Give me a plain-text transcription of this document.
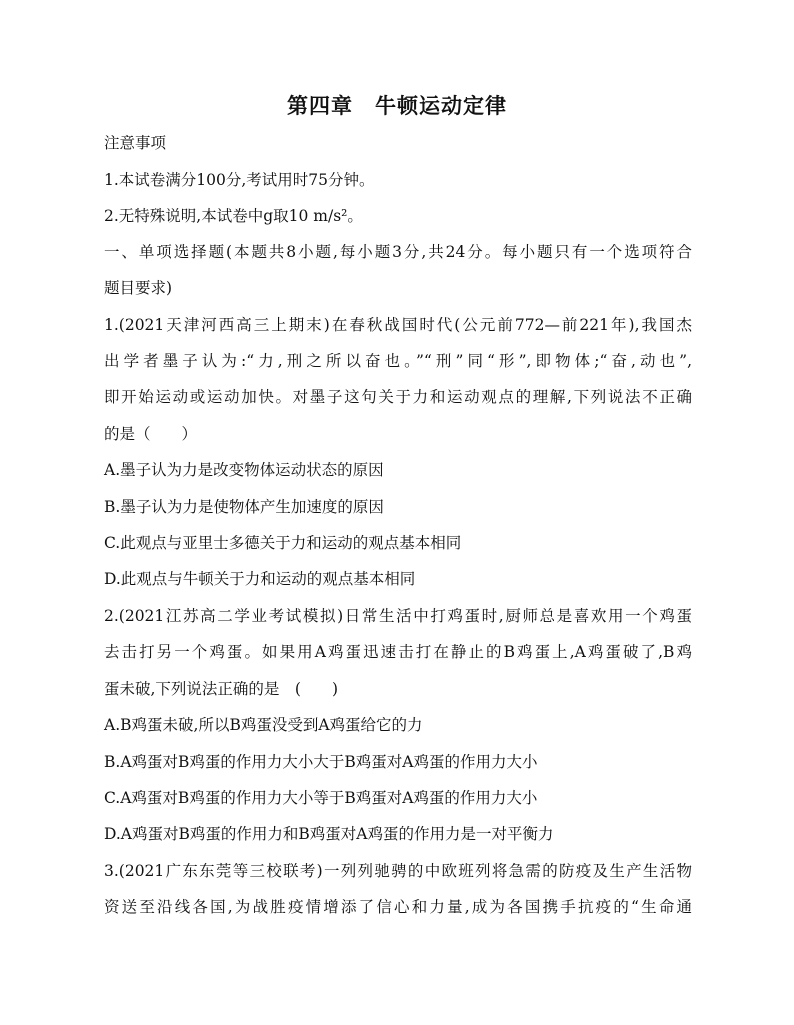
第四章　牛顿运动定律
注意事项
1.本试卷满分100分,考试用时75分钟。
2.无特殊说明,本试卷中g取10 m/s²。
一、单项选择题(本题共8小题,每小题3分,共24分。每小题只有一个选项符合
题目要求)
1.(2021天津河西高三上期末)在春秋战国时代(公元前772—前221年),我国杰
出学者墨子认为:“力,刑之所以奋也。”“刑”同“形”,即物体;“奋,动也”,
即开始运动或运动加快。对墨子这句关于力和运动观点的理解,下列说法不正确
的是（　　）
A.墨子认为力是改变物体运动状态的原因
B.墨子认为力是使物体产生加速度的原因
C.此观点与亚里士多德关于力和运动的观点基本相同
D.此观点与牛顿关于力和运动的观点基本相同
2.(2021江苏高二学业考试模拟)日常生活中打鸡蛋时,厨师总是喜欢用一个鸡蛋
去击打另一个鸡蛋。如果用A鸡蛋迅速击打在静止的B鸡蛋上,A鸡蛋破了,B鸡
蛋未破,下列说法正确的是　(　　)
A.B鸡蛋未破,所以B鸡蛋没受到A鸡蛋给它的力
B.A鸡蛋对B鸡蛋的作用力大小大于B鸡蛋对A鸡蛋的作用力大小
C.A鸡蛋对B鸡蛋的作用力大小等于B鸡蛋对A鸡蛋的作用力大小
D.A鸡蛋对B鸡蛋的作用力和B鸡蛋对A鸡蛋的作用力是一对平衡力
3.(2021广东东莞等三校联考)一列列驰骋的中欧班列将急需的防疫及生产生活物
资送至沿线各国,为战胜疫情增添了信心和力量,成为各国携手抗疫的“生命通
